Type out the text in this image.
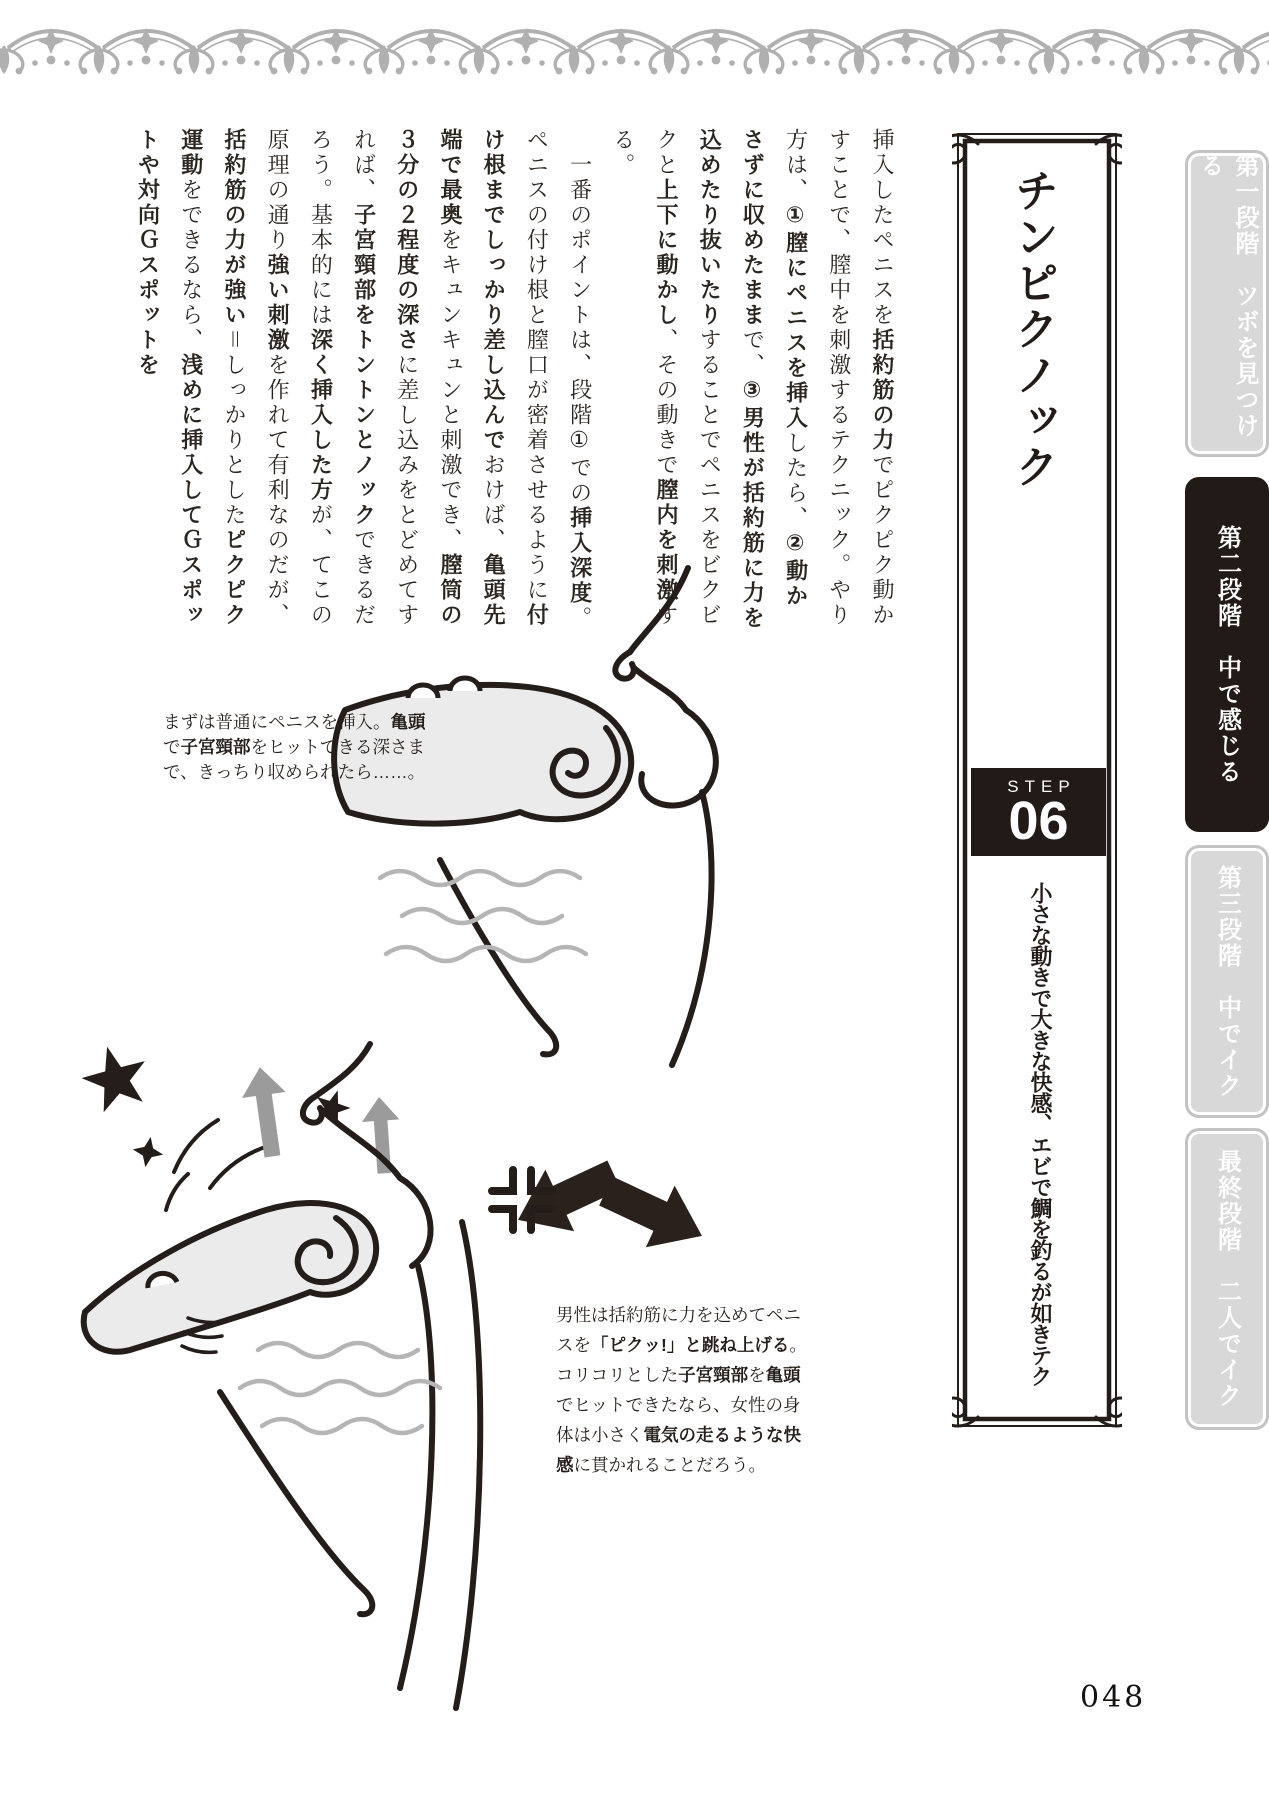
挿入したペニスを括約筋の力でピクピク動かすことで、膣中を刺激するテクニック。やり方は、①膣にペニスを挿入したら、②動かさずに収めたままで、③男性が括約筋に力を込めたり抜いたりすることでペニスをビクビクと上下に動かし、その動きで膣内を刺激する。

　一番のポイントは、段階①での挿入深度。ペニスの付け根と膣口が密着させるように付け根までしっかり差し込んでおけば、亀頭先端で最奥をキュンキュンと刺激でき、膣筒の３分の２程度の深さに差し込みをとどめてすれば、子宮頸部をトントンとノックできるだろう。基本的には深く挿入した方が、てこの原理の通り強い刺激を作れて有利なのだが、括約筋の力が強い＝しっかりとしたピクピク運動をできるなら、浅めに挿入してＧスポットや対向Ｇスポットを	チンピクノック
STEP
06
小さな動きで大きな快感、エビで鯛を釣るが如きテク
第一段階　ツボを見つける
第二段階　中で感じる
第三段階　中でイク
最終段階　二人でイク
まずは普通にペニスを挿入。亀頭で子宮頸部をヒットできる深さまで、きっちり収められたら……。
男性は括約筋に力を込めてペニスを「ピクッ!」と跳ね上げる。コリコリとした子宮頸部を亀頭でヒットできたなら、女性の身体は小さく電気の走るような快感に貫かれることだろう。
048
